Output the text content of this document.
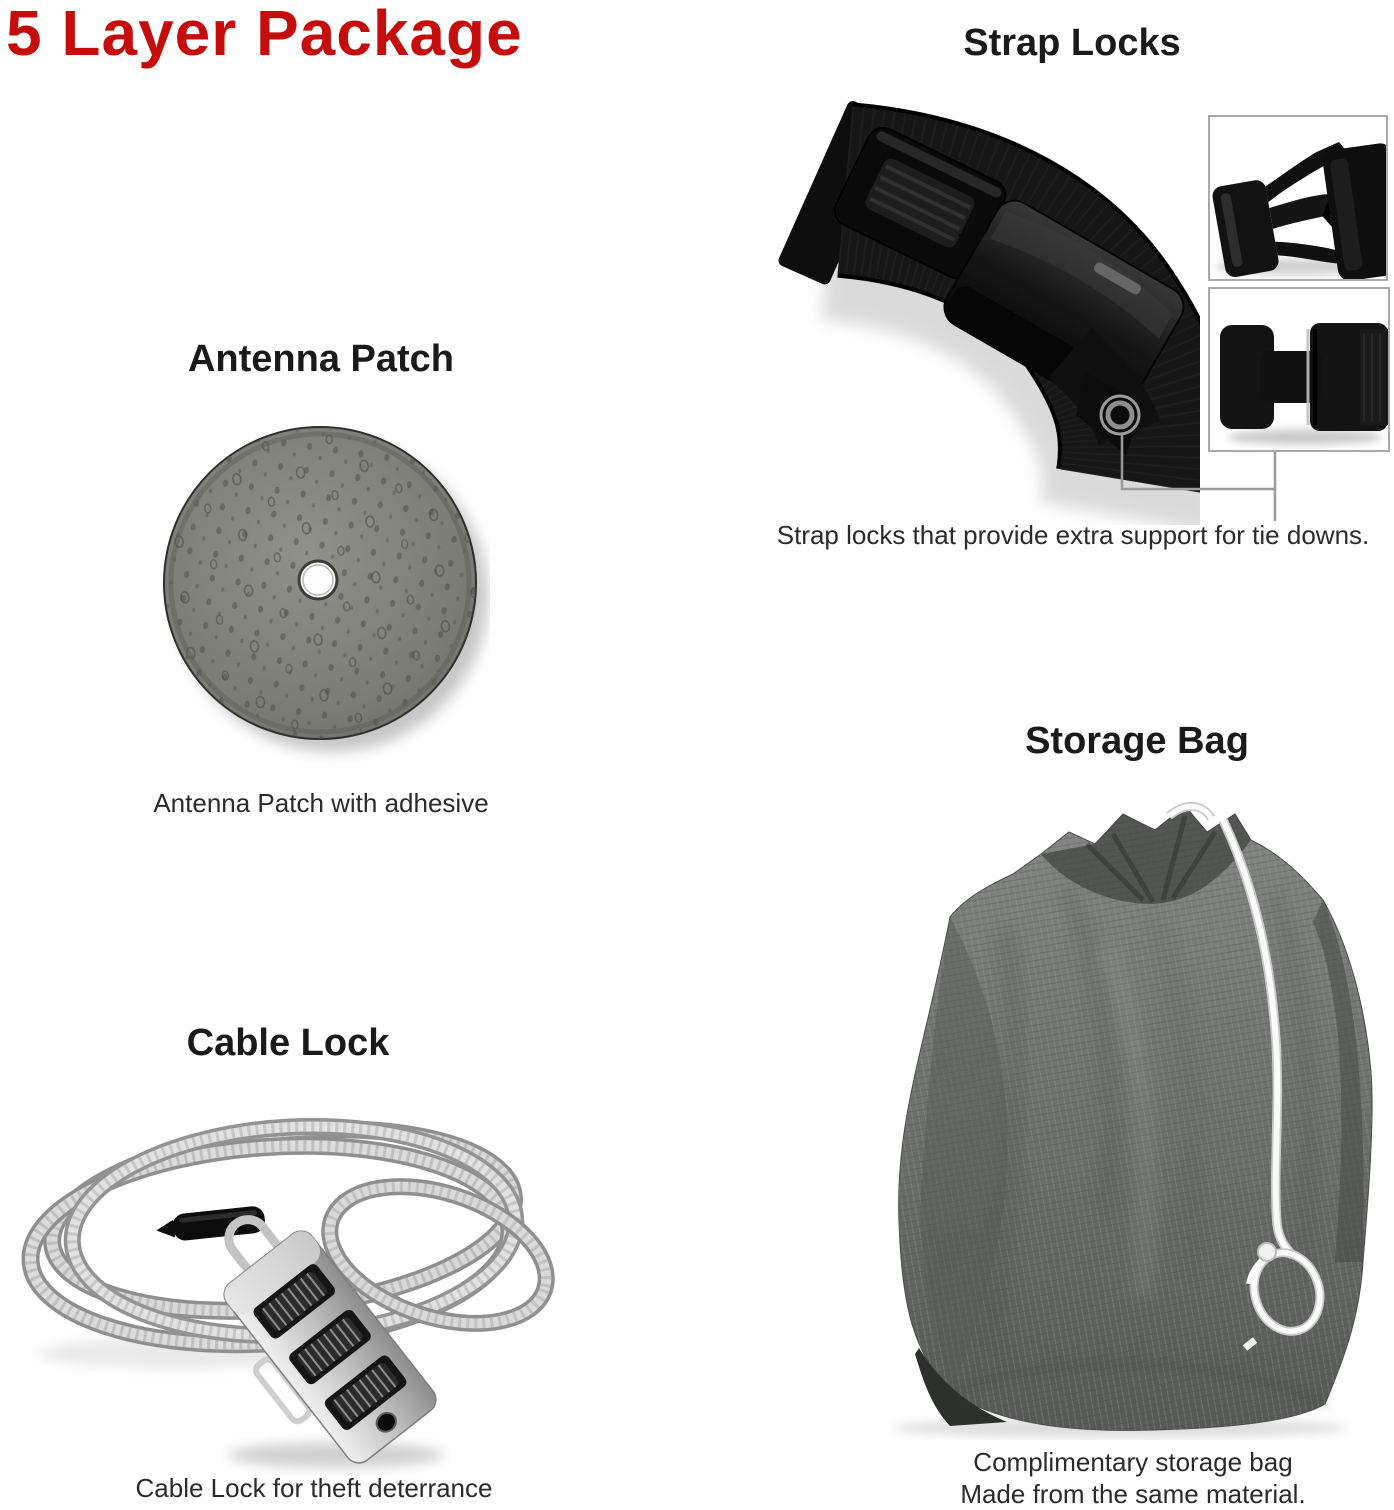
5 Layer Package	Strap Locks
Strap locks that provide extra support for tie downs.
Antenna Patch
Antenna Patch with adhesive
Storage Bag
Complimentary storage bag
Made from the same material.
Cable Lock
Cable Lock for theft deterrance
